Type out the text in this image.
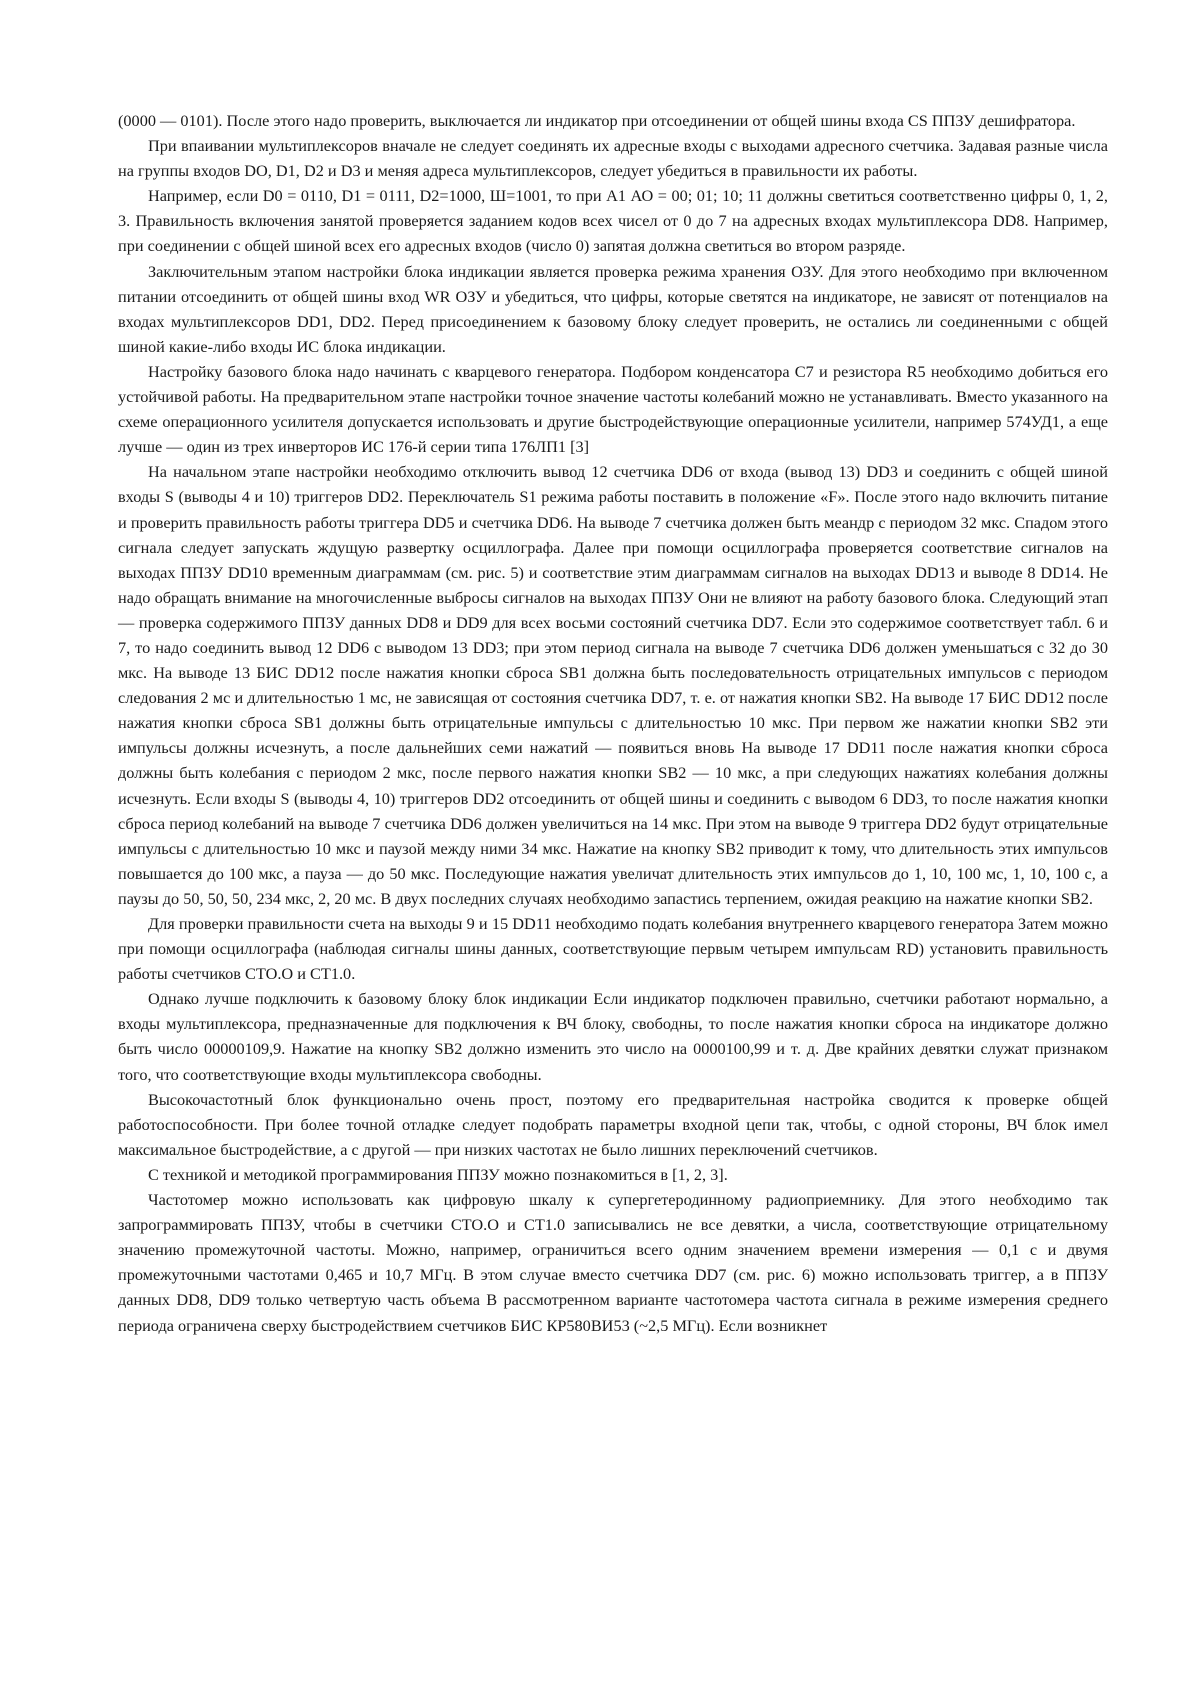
(0000 — 0101). После этого надо проверить, выключается ли индикатор при отсоединении от общей шины входа CS ППЗУ дешифратора.

При впаивании мультиплексоров вначале не следует соединять их адресные входы с выходами адресного счетчика. Задавая разные числа на группы входов DO, D1, D2 и D3 и меняя адреса мультиплексоров, следует убедиться в правильности их работы.

Например, если D0 = 0110, D1 = 0111, D2=1000, Ш=1001, то при А1 АО = 00; 01; 10; 11 должны светиться соответственно цифры 0, 1, 2, 3. Правильность включения занятой проверяется заданием кодов всех чисел от 0 до 7 на адресных входах мультиплексора DD8. Например, при соединении с общей шиной всех его адресных входов (число 0) запятая должна светиться во втором разряде.

Заключительным этапом настройки блока индикации является проверка режима хранения ОЗУ. Для этого необходимо при включенном питании отсоединить от общей шины вход WR ОЗУ и убедиться, что цифры, которые светятся на индикаторе, не зависят от потенциалов на входах мультиплексоров DD1, DD2. Перед присоединением к базовому блоку следует проверить, не остались ли соединенными с общей шиной какие-либо входы ИС блока индикации.

Настройку базового блока надо начинать с кварцевого генератора. Подбором конденсатора С7 и резистора R5 необходимо добиться его устойчивой работы. На предварительном этапе настройки точное значение частоты колебаний можно не устанавливать. Вместо указанного на схеме операционного усилителя допускается использовать и другие быстродействующие операционные усилители, например 574УД1, а еще лучше — один из трех инверторов ИС 176-й серии типа 176ЛП1 [3]

На начальном этапе настройки необходимо отключить вывод 12 счетчика DD6 от входа (вывод 13) DD3 и соединить с общей шиной входы S (выводы 4 и 10) триггеров DD2. Переключатель S1 режима работы поставить в положение «F». После этого надо включить питание и проверить правильность работы триггера DD5 и счетчика DD6. На выводе 7 счетчика должен быть меандр с периодом 32 мкс. Спадом этого сигнала следует запускать ждущую развертку осциллографа. Далее при помощи осциллографа проверяется соответствие сигналов на выходах ППЗУ DD10 временным диаграммам (см. рис. 5) и соответствие этим диаграммам сигналов на выходах DD13 и выводе 8 DD14. Не надо обращать внимание на многочисленные выбросы сигналов на выходах ППЗУ Они не влияют на работу базового блока. Следующий этап — проверка содержимого ППЗУ данных DD8 и DD9 для всех восьми состояний счетчика DD7. Если это содержимое соответствует табл. 6 и 7, то надо соединить вывод 12 DD6 с выводом 13 DD3; при этом период сигнала на выводе 7 счетчика DD6 должен уменьшаться с 32 до 30 мкс. На выводе 13 БИС DD12 после нажатия кнопки сброса SB1 должна быть последовательность отрицательных импульсов с периодом следования 2 мс и длительностью 1 мс, не зависящая от состояния счетчика DD7, т. е. от нажатия кнопки SB2. На выводе 17 БИС DD12 после нажатия кнопки сброса SB1 должны быть отрицательные импульсы с длительностью 10 мкс. При первом же нажатии кнопки SB2 эти импульсы должны исчезнуть, а после дальнейших семи нажатий — появиться вновь На выводе 17 DD11 после нажатия кнопки сброса должны быть колебания с периодом 2 мкс, после первого нажатия кнопки SB2 — 10 мкс, а при следующих нажатиях колебания должны исчезнуть. Если входы S (выводы 4, 10) триггеров DD2 отсоединить от общей шины и соединить с выводом 6 DD3, то после нажатия кнопки сброса период колебаний на выводе 7 счетчика DD6 должен увеличиться на 14 мкс. При этом на выводе 9 триггера DD2 будут отрицательные импульсы с длительностью 10 мкс и паузой между ними 34 мкс. Нажатие на кнопку SB2 приводит к тому, что длительность этих импульсов повышается до 100 мкс, а пауза — до 50 мкс. Последующие нажатия увеличат длительность этих импульсов до 1, 10, 100 мс, 1, 10, 100 с, а паузы до 50, 50, 50, 234 мкс, 2, 20 мс. В двух последних случаях необходимо запастись терпением, ожидая реакцию на нажатие кнопки SB2.

Для проверки правильности счета на выходы 9 и 15 DD11 необходимо подать колебания внутреннего кварцевого генератора Затем можно при помощи осциллографа (наблюдая сигналы шины данных, соответствующие первым четырем импульсам RD) установить правильность работы счетчиков СТО.О и СТ1.0.

Однако лучше подключить к базовому блоку блок индикации Если индикатор подключен правильно, счетчики работают нормально, а входы мультиплексора, предназначенные для подключения к ВЧ блоку, свободны, то после нажатия кнопки сброса на индикаторе должно быть число 00000109,9. Нажатие на кнопку SB2 должно изменить это число на 0000100,99 и т. д. Две крайних девятки служат признаком того, что соответствующие входы мультиплексора свободны.

Высокочастотный блок функционально очень прост, поэтому его предварительная настройка сводится к проверке общей работоспособности. При более точной отладке следует подобрать параметры входной цепи так, чтобы, с одной стороны, ВЧ блок имел максимальное быстродействие, а с другой — при низких частотах не было лишних переключений счетчиков.

С техникой и методикой программирования ППЗУ можно познакомиться в [1, 2, 3].

Частотомер можно использовать как цифровую шкалу к супергетеродинному радиоприемнику. Для этого необходимо так запрограммировать ППЗУ, чтобы в счетчики СТО.О и СТ1.0 записывались не все девятки, а числа, соответствующие отрицательному значению промежуточной частоты. Можно, например, ограничиться всего одним значением времени измерения — 0,1 с и двумя промежуточными частотами 0,465 и 10,7 МГц. В этом случае вместо счетчика DD7 (см. рис. 6) можно использовать триггер, а в ППЗУ данных DD8, DD9 только четвертую часть объема В рассмотренном варианте частотомера частота сигнала в режиме измерения среднего периода ограничена сверху быстродействием счетчиков БИС КР580ВИ53 (~2,5 МГц). Если возникнет
